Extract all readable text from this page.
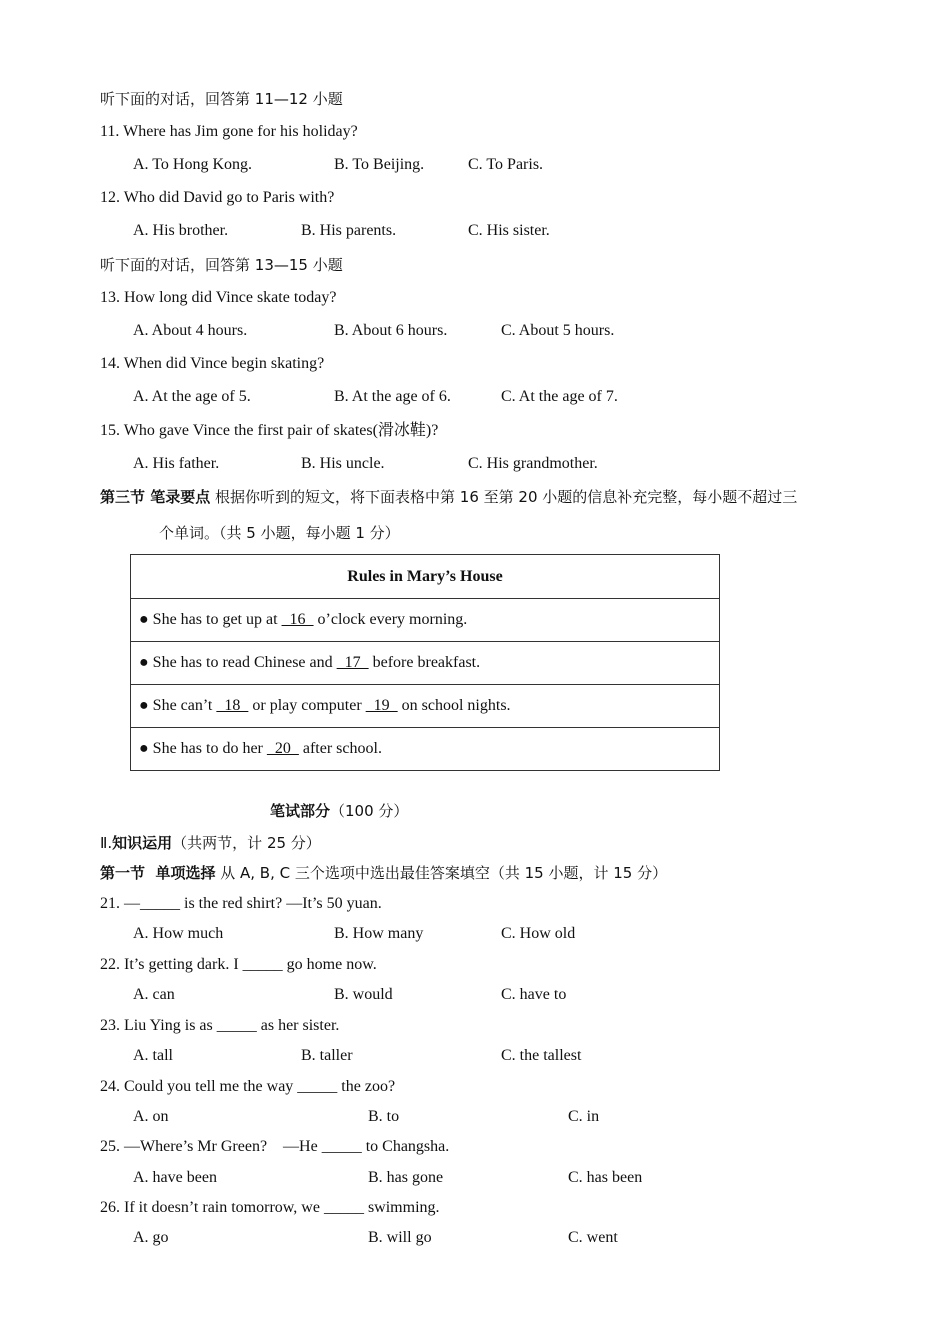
听下面的对话，回答第 11—12 小题
11. Where has Jim gone for his holiday?
A. To Hong Kong.	B. To Beijing.	C. To Paris.
12. Who did David go to Paris with?
A. His brother.	B. His parents.	C. His sister.
听下面的对话，回答第 13—15 小题
13. How long did Vince skate today?
A. About 4 hours.	B. About 6 hours.	C. About 5 hours.
14. When did Vince begin skating?
A. At the age of 5.	B. At the age of 6.	C. At the age of 7.
15. Who gave Vince the first pair of skates(滑冰鞋)?
A. His father.	B. His uncle.	C. His grandmother.
第三节 笔录要点 根据你听到的短文，将下面表格中第 16 至第 20 小题的信息补充完整，每小题不超过三
个单词。（共 5 小题，每小题 1 分）
Rules in Mary’s House
● She has to get up at 16 o’clock every morning.
● She has to read Chinese and 17 before breakfast.
● She can’t 18 or play computer 19 on school nights.
● She has to do her 20 after school.
笔试部分（100 分）
Ⅱ.知识运用（共两节，计 25 分）
第一节  单项选择 从 A, B, C 三个选项中选出最佳答案填空（共 15 小题，计 15 分）
21. —_____ is the red shirt? —It’s 50 yuan.
A. How much	B. How many	C. How old
22. It’s getting dark. I _____ go home now.
A. can	B. would	C. have to
23. Liu Ying is as _____ as her sister.
A. tall	B. taller	C. the tallest
24. Could you tell me the way _____ the zoo?
A. on	B. to	C. in
25. —Where’s Mr Green?    —He _____ to Changsha.
A. have been	B. has gone	C. has been
26. If it doesn’t rain tomorrow, we _____ swimming.
A. go	B. will go	C. went
